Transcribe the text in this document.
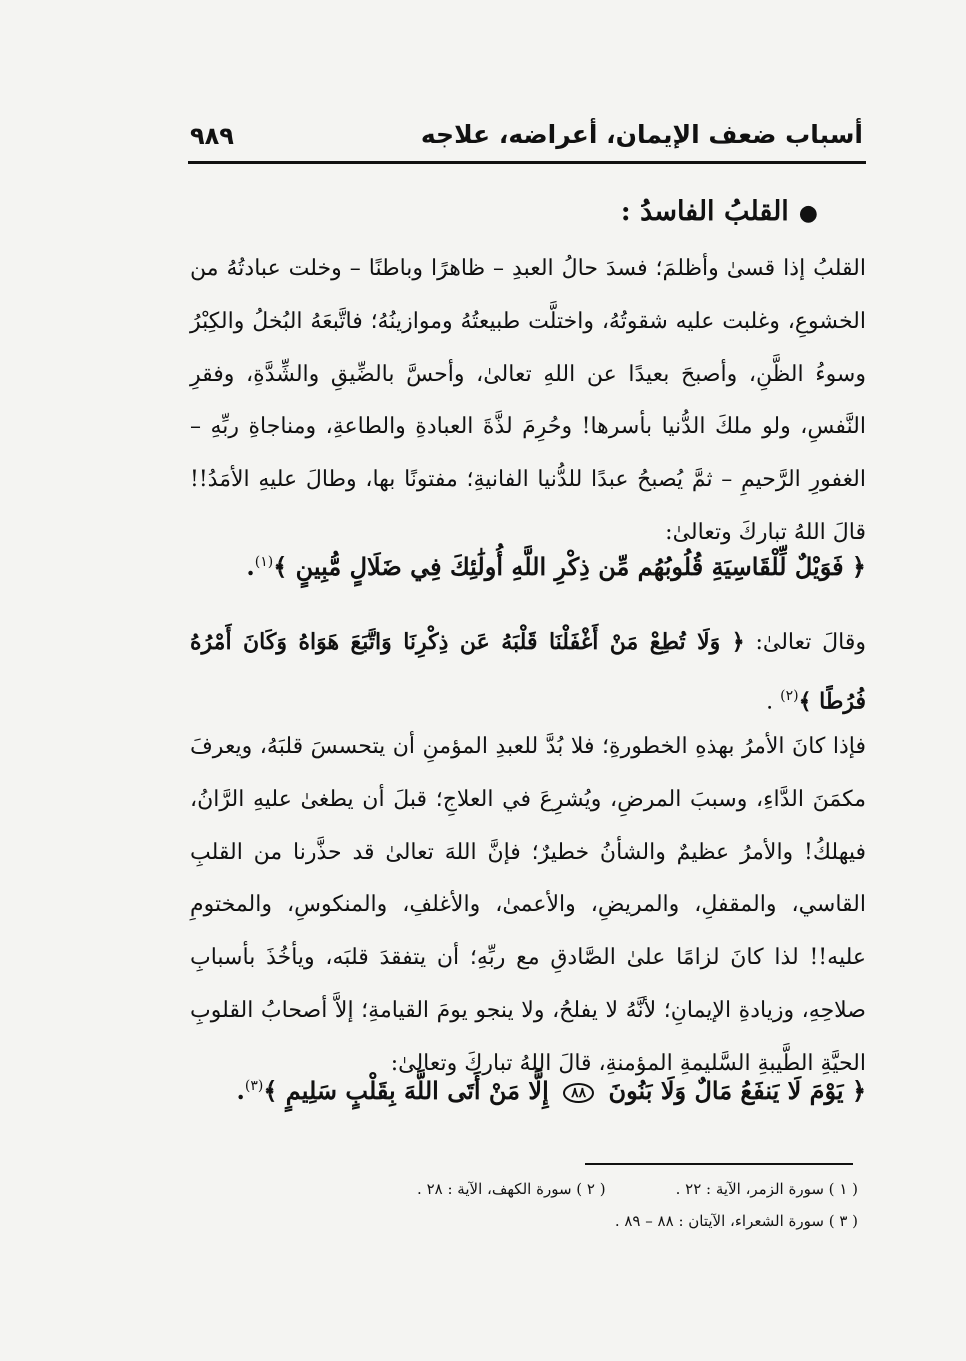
أسباب ضعف الإيمان، أعراضه، علاجه
٩٨٩
●القلبُ الفاسدُ :

القلبُ إذا قسىٰ وأظلمَ؛ فسدَ حالُ العبدِ – ظاهرًا وباطنًا – وخلت عبادتُهُ من الخشوعِ، وغلبت عليه شقوتُهُ، واختلَّت طبيعتُهُ وموازينُهُ؛ فاتَّبعَهُ البُخلُ والكِبْرُ وسوءُ الظَّنِ، وأصبحَ بعيدًا عن اللهِ تعالىٰ، وأحسَّ بالضِّيقِ والشِّدَّةِ، وفقرِ النَّفسِ، ولو ملكَ الدُّنيا بأسرها! وحُرِمَ لذَّةَ العبادةِ والطاعةِ، ومناجاةِ ربِّهِ – الغفورِ الرَّحيمِ – ثمَّ يُصبحُ عبدًا للدُّنيا الفانيةِ؛ مفتونًا بها، وطالَ عليهِ الأمَدُ!! قالَ اللهُ تباركَ وتعالىٰ:

﴿ فَوَيْلٌ لِّلْقَاسِيَةِ قُلُوبُهُم مِّن ذِكْرِ اللَّهِ أُولَٰئِكَ فِي ضَلَالٍ مُّبِينٍ ﴾$^{(١)}$.

وقالَ تعالىٰ: ﴿ وَلَا تُطِعْ مَنْ أَغْفَلْنَا قَلْبَهُ عَن ذِكْرِنَا وَاتَّبَعَ هَوَاهُ وَكَانَ أَمْرُهُ فُرُطًا ﴾$^{(٢)}$ .

فإذا كانَ الأمرُ بهذهِ الخطورةِ؛ فلا بُدَّ للعبدِ المؤمنِ أن يتحسسَ قلبَهُ، ويعرفَ مكمَنَ الدَّاءِ، وسببَ المرضِ، ويُشرِعَ في العلاجِ؛ قبلَ أن يطغىٰ عليهِ الرَّانُ، فيهلكُ! والأمرُ عظيمٌ والشأنُ خطيرٌ؛ فإنَّ اللهَ تعالىٰ قد حذَّرنا من القلبِ القاسي، والمقفلِ، والمريضِ، والأعمىٰ، والأغلفِ، والمنكوسِ، والمختومِ عليه!! لذا كانَ لزامًا علىٰ الصَّادقِ مع ربِّهِ؛ أن يتفقدَ قلبَه، ويأخُذَ بأسبابِ صلاحِهِ، وزيادةِ الإيمانِ؛ لأنَّهُ لا يفلحُ، ولا ينجو يومَ القيامةِ؛ إلاَّ أصحابُ القلوبِ الحيَّةِ الطَّيبةِ السَّليمةِ المؤمنةِ، قالَ اللهُ تباركَ وتعالىٰ:

﴿ يَوْمَ لَا يَنفَعُ مَالٌ وَلَا بَنُونَ ٨٨ إِلَّا مَنْ أَتَى اللَّهَ بِقَلْبٍ سَلِيمٍ ﴾$^{(٣)}$.

( ١ ) سورة الزمر، الآية : ٢٢ .
( ٢ ) سورة الكهف، الآية : ٢٨ .
( ٣ ) سورة الشعراء، الآيتان : ٨٨ – ٨٩ .
